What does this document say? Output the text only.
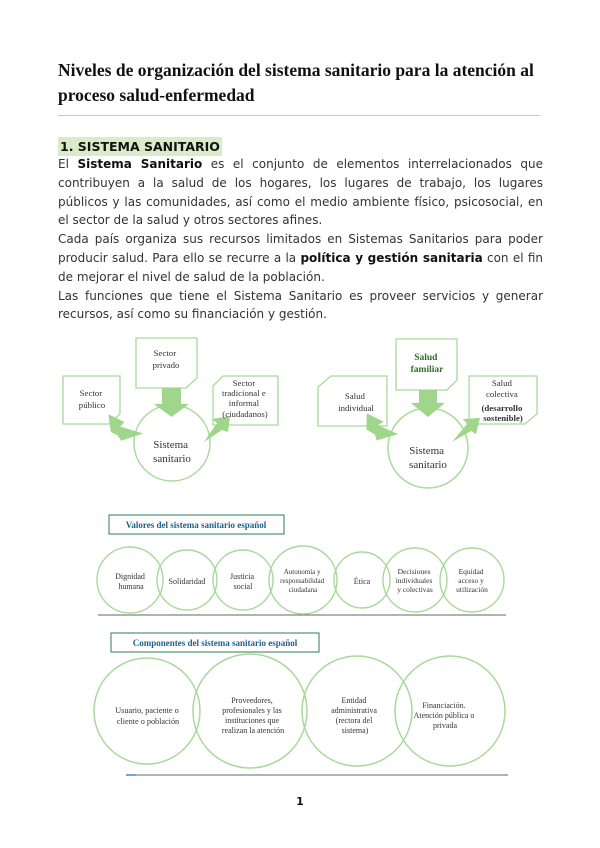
Niveles de organización del sistema sanitario para la atención al proceso salud-enfermedad
1. SISTEMA SANITARIO

El Sistema Sanitario es el conjunto de elementos interrelacionados que contribuyen a la salud de los hogares, los lugares de trabajo, los lugares públicos y las comunidades, así como el medio ambiente físico, psicosocial, en el sector de la salud y otros sectores afines.

Cada país organiza sus recursos limitados en Sistemas Sanitarios para poder producir salud. Para ello se recurre a la política y gestión sanitaria con el fin de mejorar el nivel de salud de la población.

Las funciones que tiene el Sistema Sanitario es proveer servicios y generar recursos, así como su financiación y gestión.

Sector privado
Sector público
Sector tradicional e informal (ciudadanos)
Sistema sanitario
Salud familiar
Salud individual
Salud colectiva (desarrollo sostenible)
Sistema sanitario
Valores del sistema sanitario español
Dignidad humana
Solidaridad
Justicia social
Autonomía y responsabilidad ciudadana
Ética
Decisiones individuales y colectivas
Equidad acceso y utilización
Componentes del sistema sanitario español
Usuario, paciente o cliente o población
Proveedores, profesionales y las instituciones que realizan la atención
Entidad administrativa (rectora del sistema)
Financiación. Atención pública o privada
1
